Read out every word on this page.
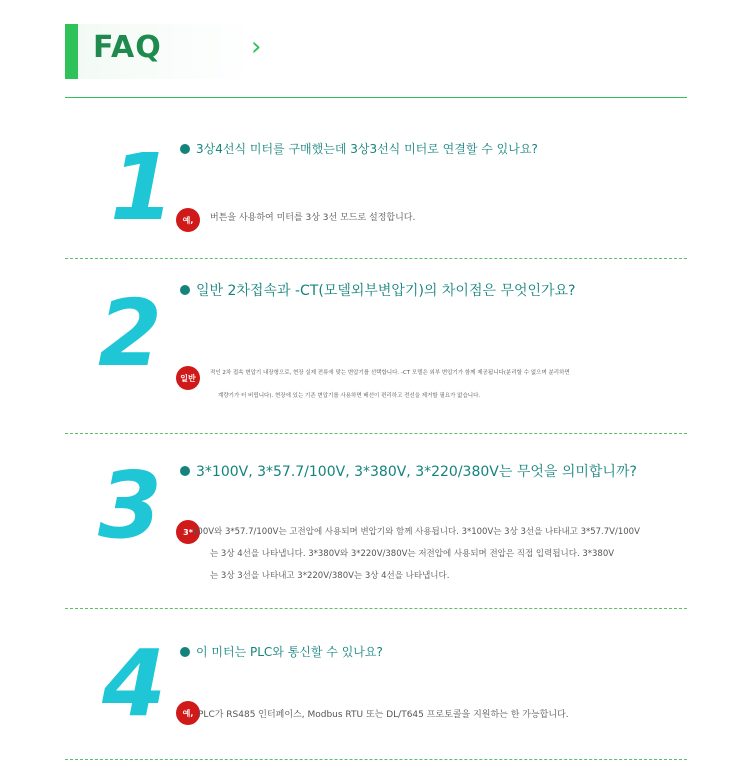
FAQ	›
1 3상4선식 미터를 구매했는데 3상3선식 미터로 연결할 수 있나요?
예,	버튼을 사용하여 미터를 3상 3선 모드로 설정합니다.
2 일반 2차접속과 -CT(모델외부변압기)의 차이점은 무엇인가요?
일반
적인 2차 접속 변압기 내장형으로, 현장 실제 전류에 맞는 변압기를 선택합니다. -CT 모델은 외부 변압기가 함께 제공됩니다(분리할 수 없으며 분리하면
계량기가 터 버립니다). 현장에 있는 기존 변압기를 사용하면 배선이 편리하고 전선을 제거할 필요가 없습니다.
3 3*100V, 3*57.7/100V, 3*380V, 3*220/380V는 무엇을 의미합니까?
3* 100V와 3*57.7/100V는 고전압에 사용되며 변압기와 함께 사용됩니다. 3*100V는 3상 3선을 나타내고 3*57.7V/100V
는 3상 4선을 나타냅니다. 3*380V와 3*220V/380V는 저전압에 사용되며 전압은 직접 입력됩니다. 3*380V
는 3상 3선을 나타내고 3*220V/380V는 3상 4선을 나타냅니다.
4 이 미터는 PLC와 통신할 수 있나요?
예, PLC가 RS485 인터페이스, Modbus RTU 또는 DL/T645 프로토콜을 지원하는 한 가능합니다.
